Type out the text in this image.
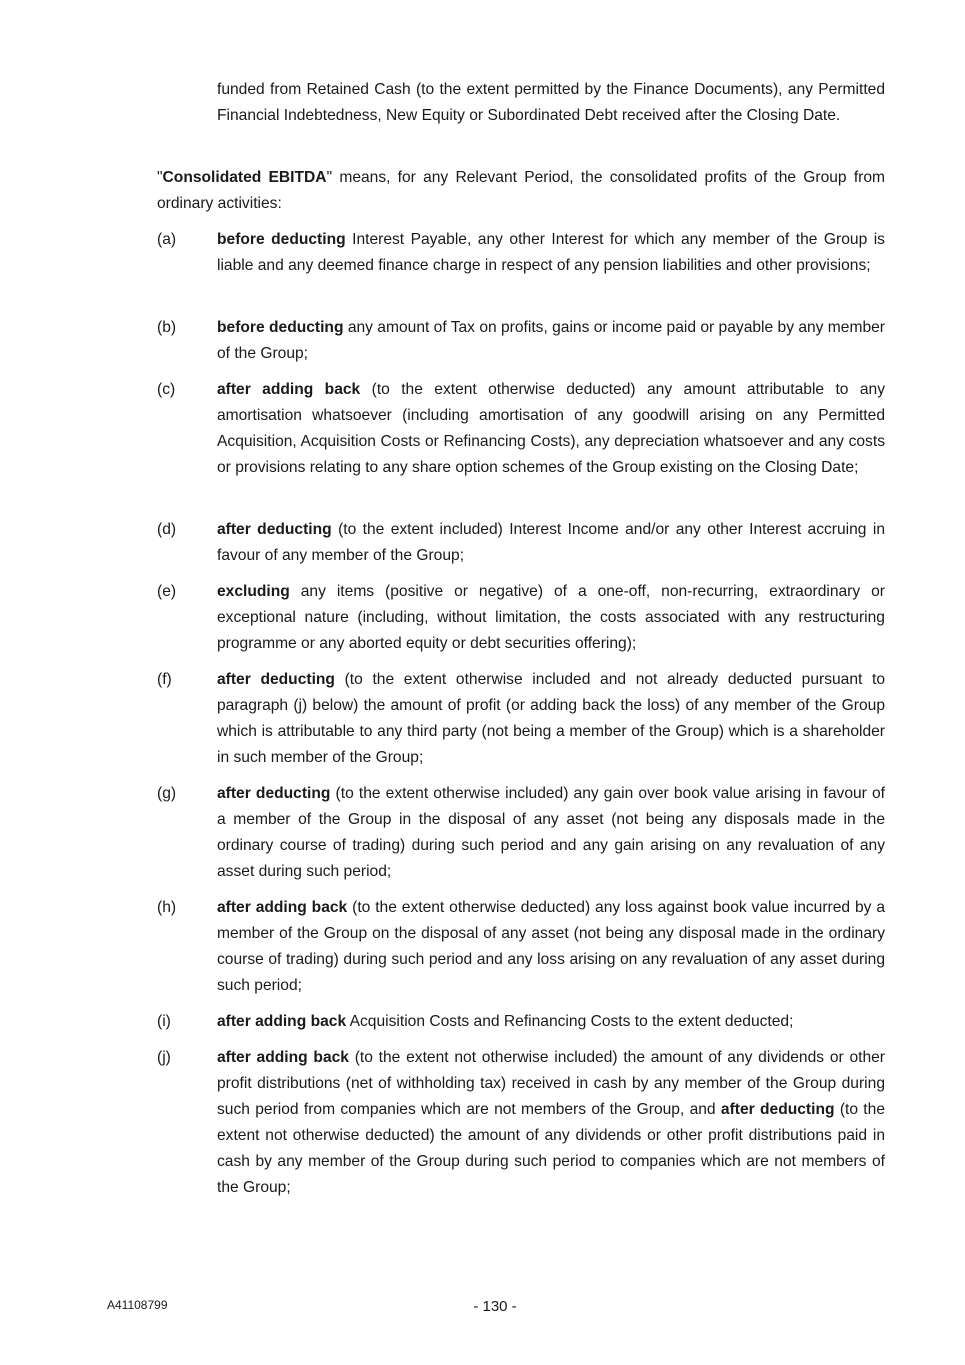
funded from Retained Cash (to the extent permitted by the Finance Documents), any Permitted Financial Indebtedness, New Equity or Subordinated Debt received after the Closing Date.

"Consolidated EBITDA" means, for any Relevant Period, the consolidated profits of the Group from ordinary activities:

(a)	before deducting Interest Payable, any other Interest for which any member of the Group is liable and any deemed finance charge in respect of any pension liabilities and other provisions;

(b)	before deducting any amount of Tax on profits, gains or income paid or payable by any member of the Group;

(c)	after adding back (to the extent otherwise deducted) any amount attributable to any amortisation whatsoever (including amortisation of any goodwill arising on any Permitted Acquisition, Acquisition Costs or Refinancing Costs), any depreciation whatsoever and any costs or provisions relating to any share option schemes of the Group existing on the Closing Date;

(d)	after deducting (to the extent included) Interest Income and/or any other Interest accruing in favour of any member of the Group;

(e)	excluding any items (positive or negative) of a one-off, non-recurring, extraordinary or exceptional nature (including, without limitation, the costs associated with any restructuring programme or any aborted equity or debt securities offering);

(f)	after deducting (to the extent otherwise included and not already deducted pursuant to paragraph (j) below) the amount of profit (or adding back the loss) of any member of the Group which is attributable to any third party (not being a member of the Group) which is a shareholder in such member of the Group;

(g)	after deducting (to the extent otherwise included) any gain over book value arising in favour of a member of the Group in the disposal of any asset (not being any disposals made in the ordinary course of trading) during such period and any gain arising on any revaluation of any asset during such period;

(h)	after adding back (to the extent otherwise deducted) any loss against book value incurred by a member of the Group on the disposal of any asset (not being any disposal made in the ordinary course of trading) during such period and any loss arising on any revaluation of any asset during such period;

(i)	after adding back Acquisition Costs and Refinancing Costs to the extent deducted;

(j)	after adding back (to the extent not otherwise included) the amount of any dividends or other profit distributions (net of withholding tax) received in cash by any member of the Group during such period from companies which are not members of the Group, and after deducting (to the extent not otherwise deducted) the amount of any dividends or other profit distributions paid in cash by any member of the Group during such period to companies which are not members of the Group;

A41108799	- 130 -
